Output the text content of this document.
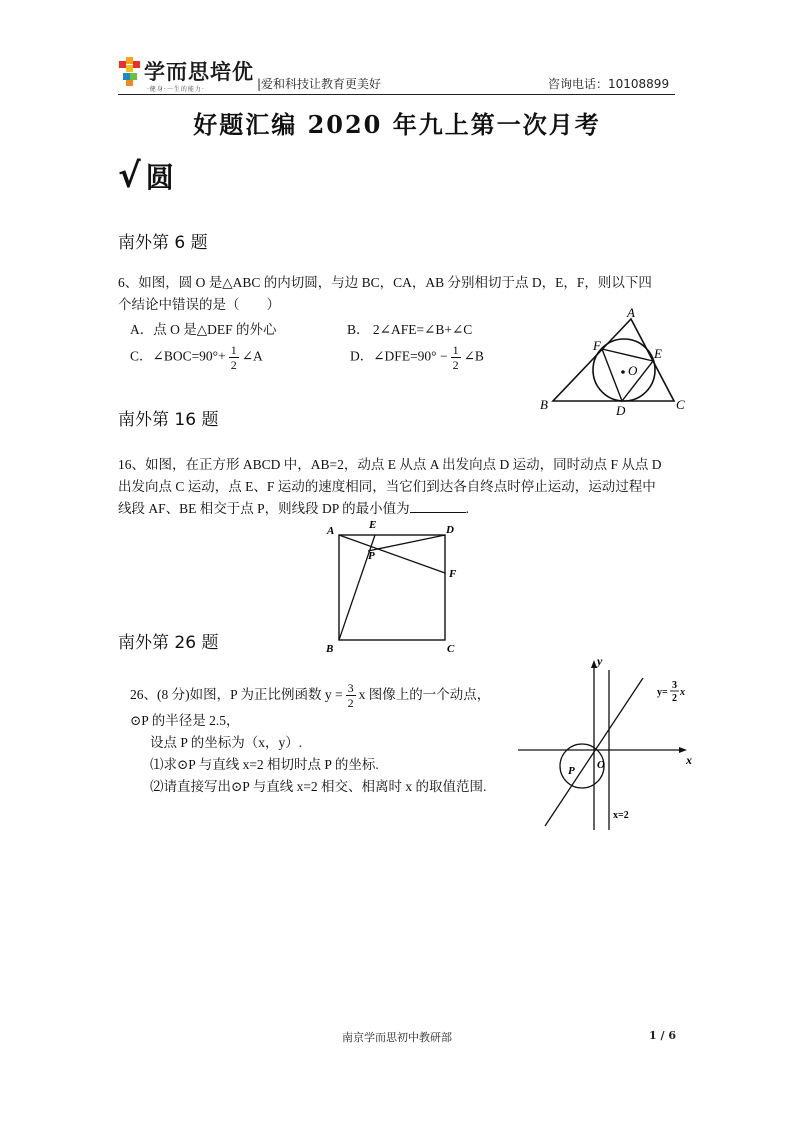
学而思培优
·健身·一生的能力·	|爱和科技让教育更美好	咨询电话：10108899
好题汇编 2020 年九上第一次月考
√ 圆
南外第 6 题
6、如图，圆 O 是△ABC 的内切圆，与边 BC，CA，AB 分别相切于点 D，E，F，则以下四
个结论中错误的是（　　）
A．点 O 是△DEF 的外心	B． 2∠AFE=∠B+∠C
C．∠BOC=90°+ $\frac{1}{2}$ ∠A	D．∠DFE=90° − $\frac{1}{2}$ ∠B
A
B	C
D
E
F
O
南外第 16 题
16、如图，在正方形 ABCD 中，AB=2，动点 E 从点 A 出发向点 D 运动，同时动点 F 从点 D
出发向点 C 运动，点 E、F 运动的速度相同，当它们到达各自终点时停止运动，运动过程中
线段 AF、BE 相交于点 P，则线段 DP 的最小值为	.
A	E	D
P
F
B	C
南外第 26 题
26、(8 分)如图，P 为正比例函数 $y = \frac{3}{2}$ x 图像上的一个动点，
⊙P 的半径是 2.5，
设点 P 的坐标为（x，y）.
⑴求⊙P 与直线 x=2 相切时点 P 的坐标.
⑵请直接写出⊙P 与直线 x=2 相交、相离时 x 的取值范围.
y
x
O
P
x=2
y=
3
2
x
南京学而思初中教研部	1 / 6
